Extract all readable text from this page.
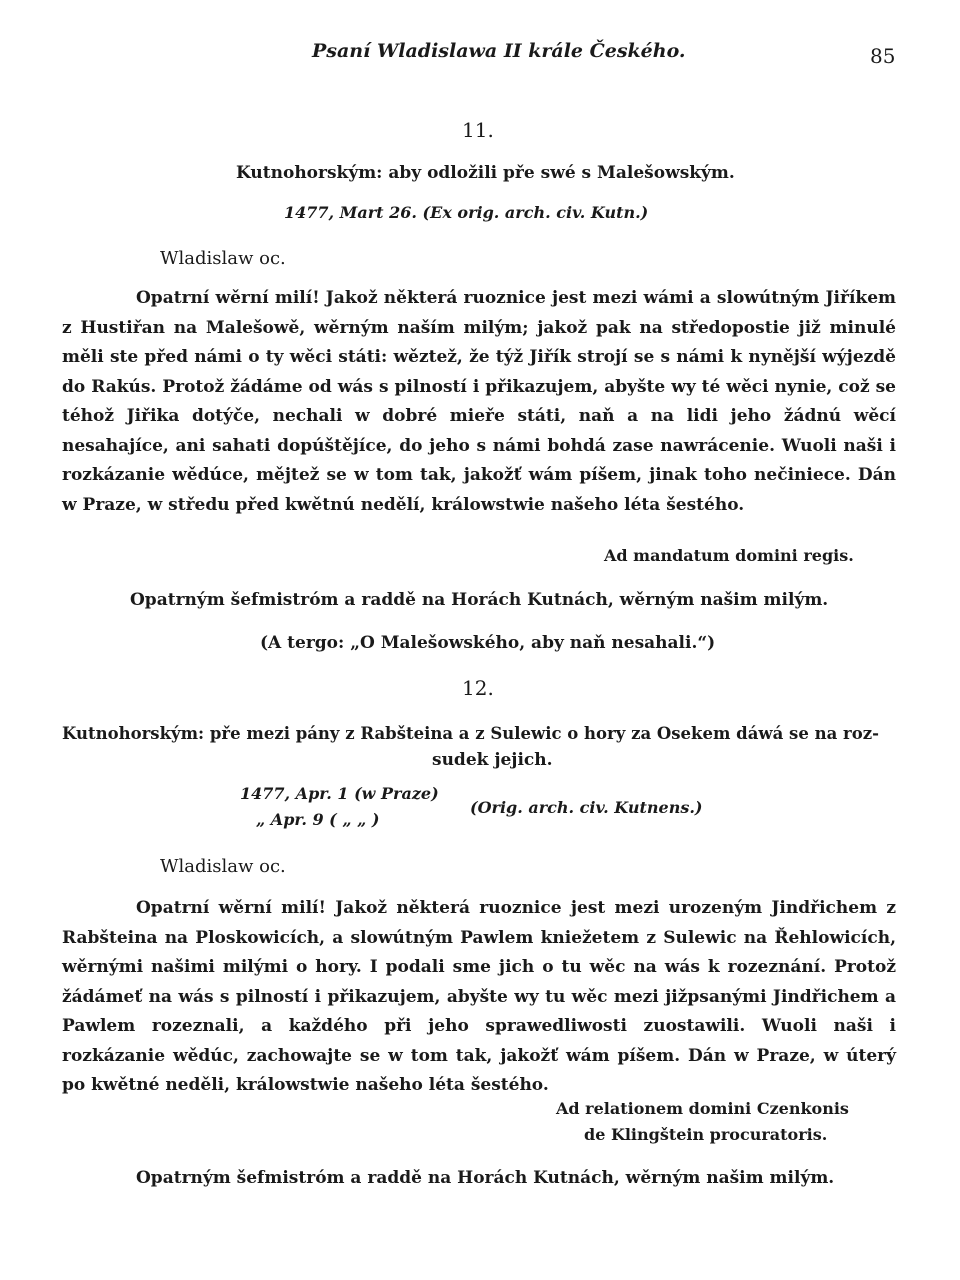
Psaní Wladislawa II krále Českého.	85
11.
Kutnohorským: aby odložili pře swé s Malešowským.
1477, Mart 26. (Ex orig. arch. civ. Kutn.)
Wladislaw oc.
Opatrní wěrní milí! Jakož některá ruoznice jest mezi wámi a slowútným Jiříkem z Hustiřan na Malešowě, wěrným naším milým; jakož pak na středopostie již minulé měli ste před námi o ty wěci státi: wěztež, že týž Jiřík strojí se s námi k nynější wýjezdě do Rakús. Protož žádáme od wás s pilností i přikazujem, abyšte wy té wěci nynie, což se téhož Jiřika dotýče, nechali w dobré mieře státi, naň a na lidi jeho žádnú wěcí nesahajíce, ani sahati dopúštějíce, do jeho s námi bohdá zase nawrácenie. Wuoli naši i rozkázanie wědúce, mějtež se w tom tak, jakožť wám píšem, jinak toho nečiniece. Dán w Praze, w středu před kwětnú nedělí, králowstwie našeho léta šestého.
Ad mandatum domini regis.
Opatrným šefmistróm a raddě na Horách Kutnách, wěrným našim milým.
(A tergo: „O Malešowského, aby naň nesahali.“)
12.
Kutnohorským: pře mezi pány z Rabšteina a z Sulewic o hory za Osekem dáwá se na roz-
sudek jejich.
1477, Apr. 1 (w Praze)
„ Apr. 9 ( „ „ )
(Orig. arch. civ. Kutnens.)
Wladislaw oc.
Opatrní wěrní milí! Jakož některá ruoznice jest mezi urozeným Jindřichem z Rabšteina na Ploskowicích, a slowútným Pawlem kniežetem z Sulewic na Řehlowicích, wěrnými našimi milými o hory. I podali sme jich o tu wěc na wás k rozeznání. Protož žádámeť na wás s pilností i přikazujem, abyšte wy tu wěc mezi jižpsanými Jindřichem a Pawlem rozeznali, a každého při jeho sprawedliwosti zuostawili. Wuoli naši i rozkázanie wědúc, zachowajte se w tom tak, jakožť wám píšem. Dán w Praze, w úterý po kwětné neděli, králowstwie našeho léta šestého.
Ad relationem domini Czenkonis
de Klingštein procuratoris.
Opatrným šefmistróm a raddě na Horách Kutnách, wěrným našim milým.
